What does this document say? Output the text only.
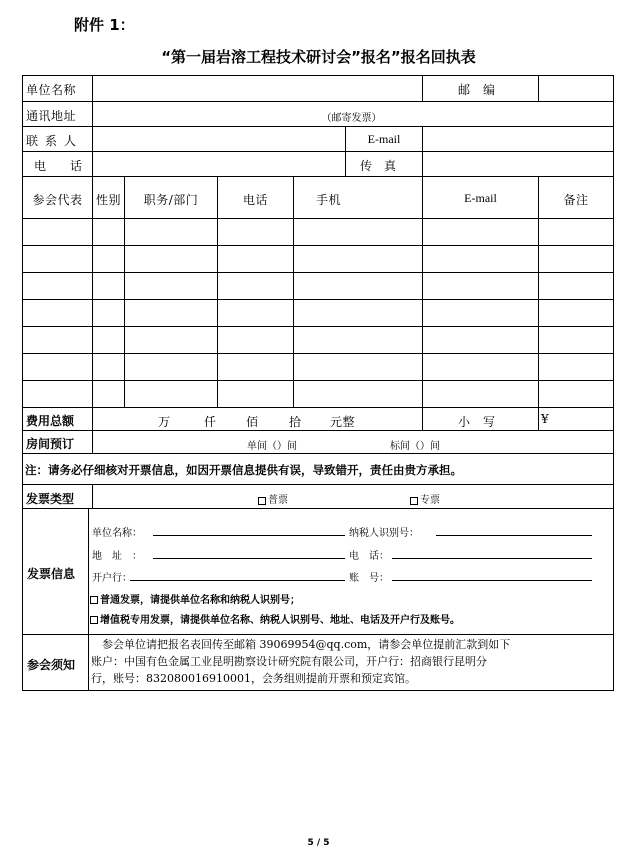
附件 1：
“第一届岩溶工程技术研讨会”报名”报名回执表
单位名称	邮　编
通讯地址	（邮寄发票）
联系人	E-mail
电话	传真
参会代表	性别	职务/部门	电话	手机	E-mail	备注
费用总额	万	仟 佰	拾 元整	小　写	¥
房间预订	单间（）间	标间（）间
注：请务必仔细核对开票信息，如因开票信息提供有误，导致错开，责任由贵方承担。
发票类型	普票	专票
发票信息
单位名称：	纳税人识别号：
地　址　：	电　话：
开户行：	账　号：
普通发票，请提供单位名称和纳税人识别号；
增值税专用发票，请提供单位名称、纳税人识别号、地址、电话及开户行及账号。
参会须知
　参会单位请把报名表回传至邮箱 39069954@qq.com，请参会单位提前汇款到如下
账户：中国有色金属工业昆明勘察设计研究院有限公司，开户行：招商银行昆明分
行，账号：832080016910001，会务组则提前开票和预定宾馆。
5 / 5
